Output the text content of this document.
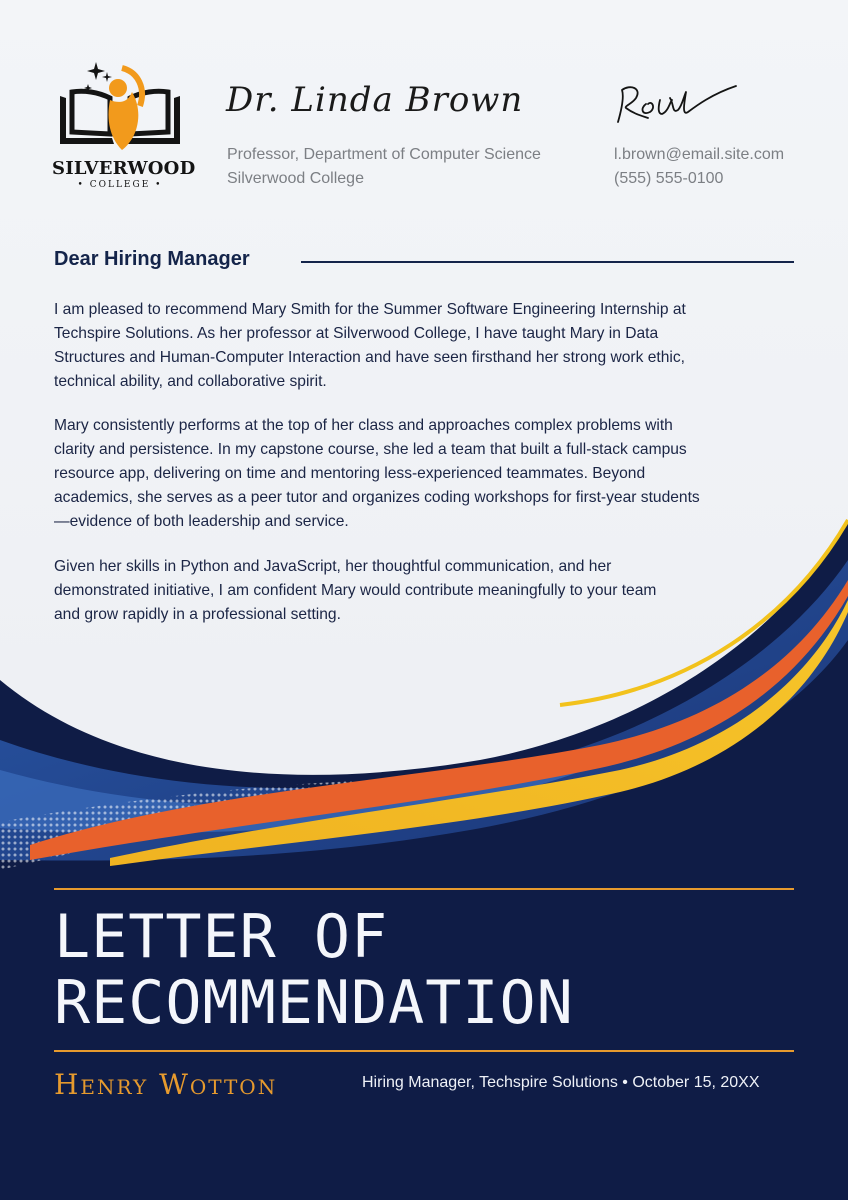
SILVERWOOD
• COLLEGE •
Dr. Linda Brown
Professor, Department of Computer Science
Silverwood College
l.brown@email.site.com
(555) 555-0100
Dear Hiring Manager
I am pleased to recommend Mary Smith for the Summer Software Engineering Internship at
Techspire Solutions. As her professor at Silverwood College, I have taught Mary in Data
Structures and Human-Computer Interaction and have seen firsthand her strong work ethic,
technical ability, and collaborative spirit.
Mary consistently performs at the top of her class and approaches complex problems with
clarity and persistence. In my capstone course, she led a team that built a full-stack campus
resource app, delivering on time and mentoring less-experienced teammates. Beyond
academics, she serves as a peer tutor and organizes coding workshops for first-year students
—evidence of both leadership and service.
Given her skills in Python and JavaScript, her thoughtful communication, and her
demonstrated initiative, I am confident Mary would contribute meaningfully to your team
and grow rapidly in a professional setting.
LETTER OF
RECOMMENDATION
Henry Wotton	Hiring Manager, Techspire Solutions • October 15, 20XX
